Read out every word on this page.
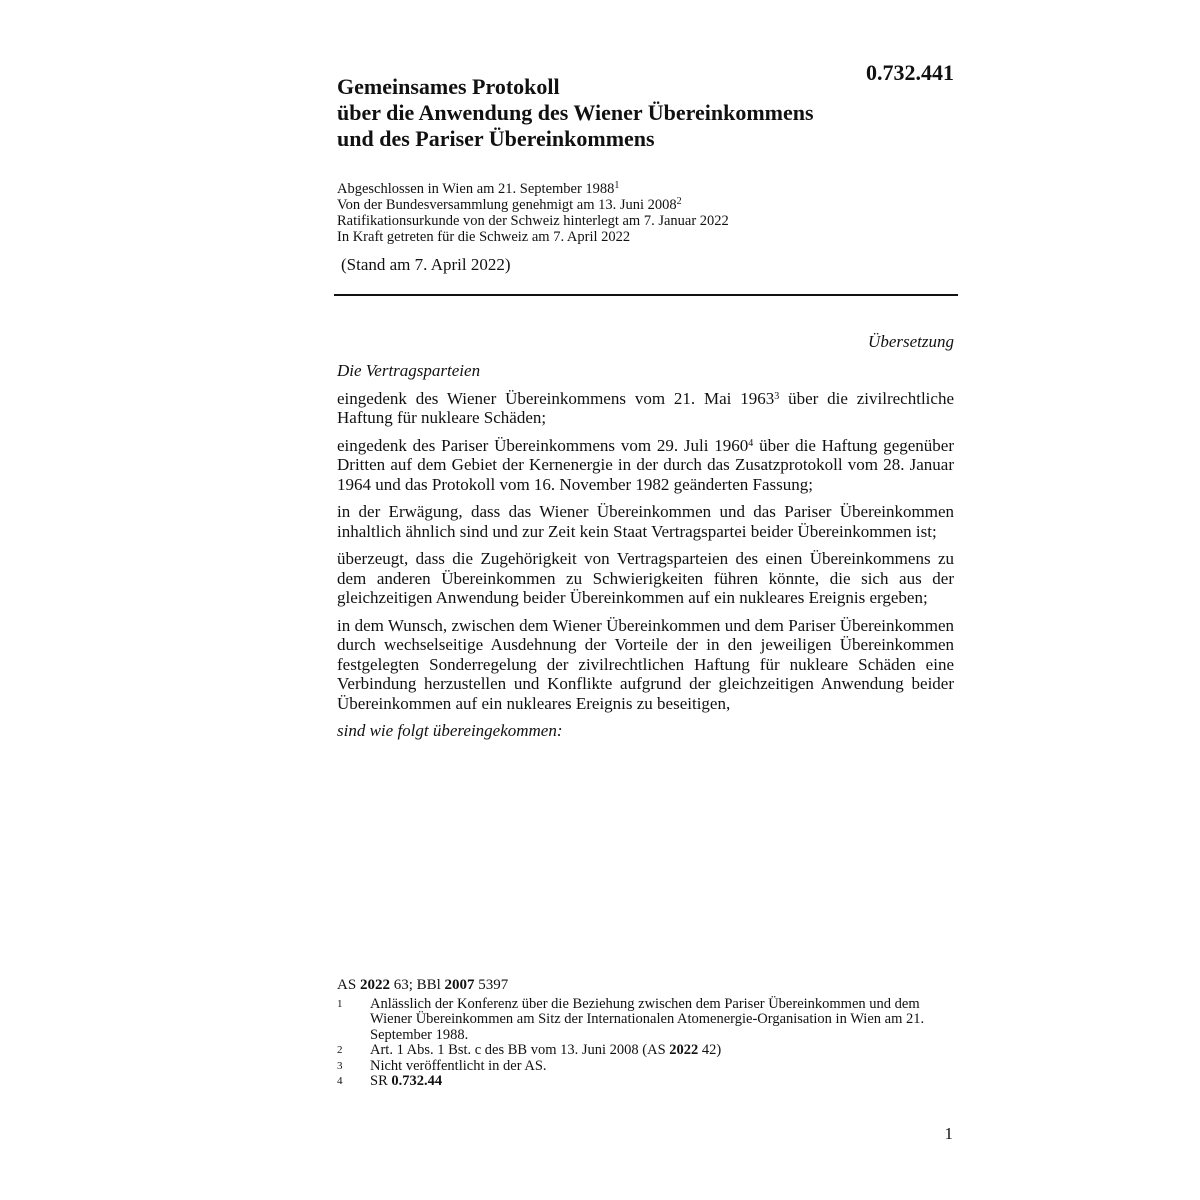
0.732.441
Gemeinsames Protokoll
über die Anwendung des Wiener Übereinkommens
und des Pariser Übereinkommens
Abgeschlossen in Wien am 21. September 1988$^1$
Von der Bundesversammlung genehmigt am 13. Juni 2008$^2$
Ratifikationsurkunde von der Schweiz hinterlegt am 7. Januar 2022
In Kraft getreten für die Schweiz am 7. April 2022
(Stand am 7. April 2022)
Übersetzung

Die Vertragsparteien

eingedenk des Wiener Übereinkommens vom 21. Mai 1963$^3$ über die zivilrechtliche Haftung für nukleare Schäden;

eingedenk des Pariser Übereinkommens vom 29. Juli 1960$^4$ über die Haftung gegenüber Dritten auf dem Gebiet der Kernenergie in der durch das Zusatzprotokoll vom 28. Januar 1964 und das Protokoll vom 16. November 1982 geänderten Fassung;

in der Erwägung, dass das Wiener Übereinkommen und das Pariser Übereinkommen inhaltlich ähnlich sind und zur Zeit kein Staat Vertragspartei beider Übereinkommen ist;

überzeugt, dass die Zugehörigkeit von Vertragsparteien des einen Übereinkommens zu dem anderen Übereinkommen zu Schwierigkeiten führen könnte, die sich aus der gleichzeitigen Anwendung beider Übereinkommen auf ein nukleares Ereignis ergeben;

in dem Wunsch, zwischen dem Wiener Übereinkommen und dem Pariser Übereinkommen durch wechselseitige Ausdehnung der Vorteile der in den jeweiligen Übereinkommen festgelegten Sonderregelung der zivilrechtlichen Haftung für nukleare Schäden eine Verbindung herzustellen und Konflikte aufgrund der gleichzeitigen Anwendung beider Übereinkommen auf ein nukleares Ereignis zu beseitigen,

sind wie folgt übereingekommen:

AS 2022 63; BBl 2007 5397
1	Anlässlich der Konferenz über die Beziehung zwischen dem Pariser Übereinkommen und dem Wiener Übereinkommen am Sitz der Internationalen Atomenergie-Organisation in Wien am 21. September 1988.
2	Art. 1 Abs. 1 Bst. c des BB vom 13. Juni 2008 (AS 2022 42)
3	Nicht veröffentlicht in der AS.
4	SR 0.732.44
1
